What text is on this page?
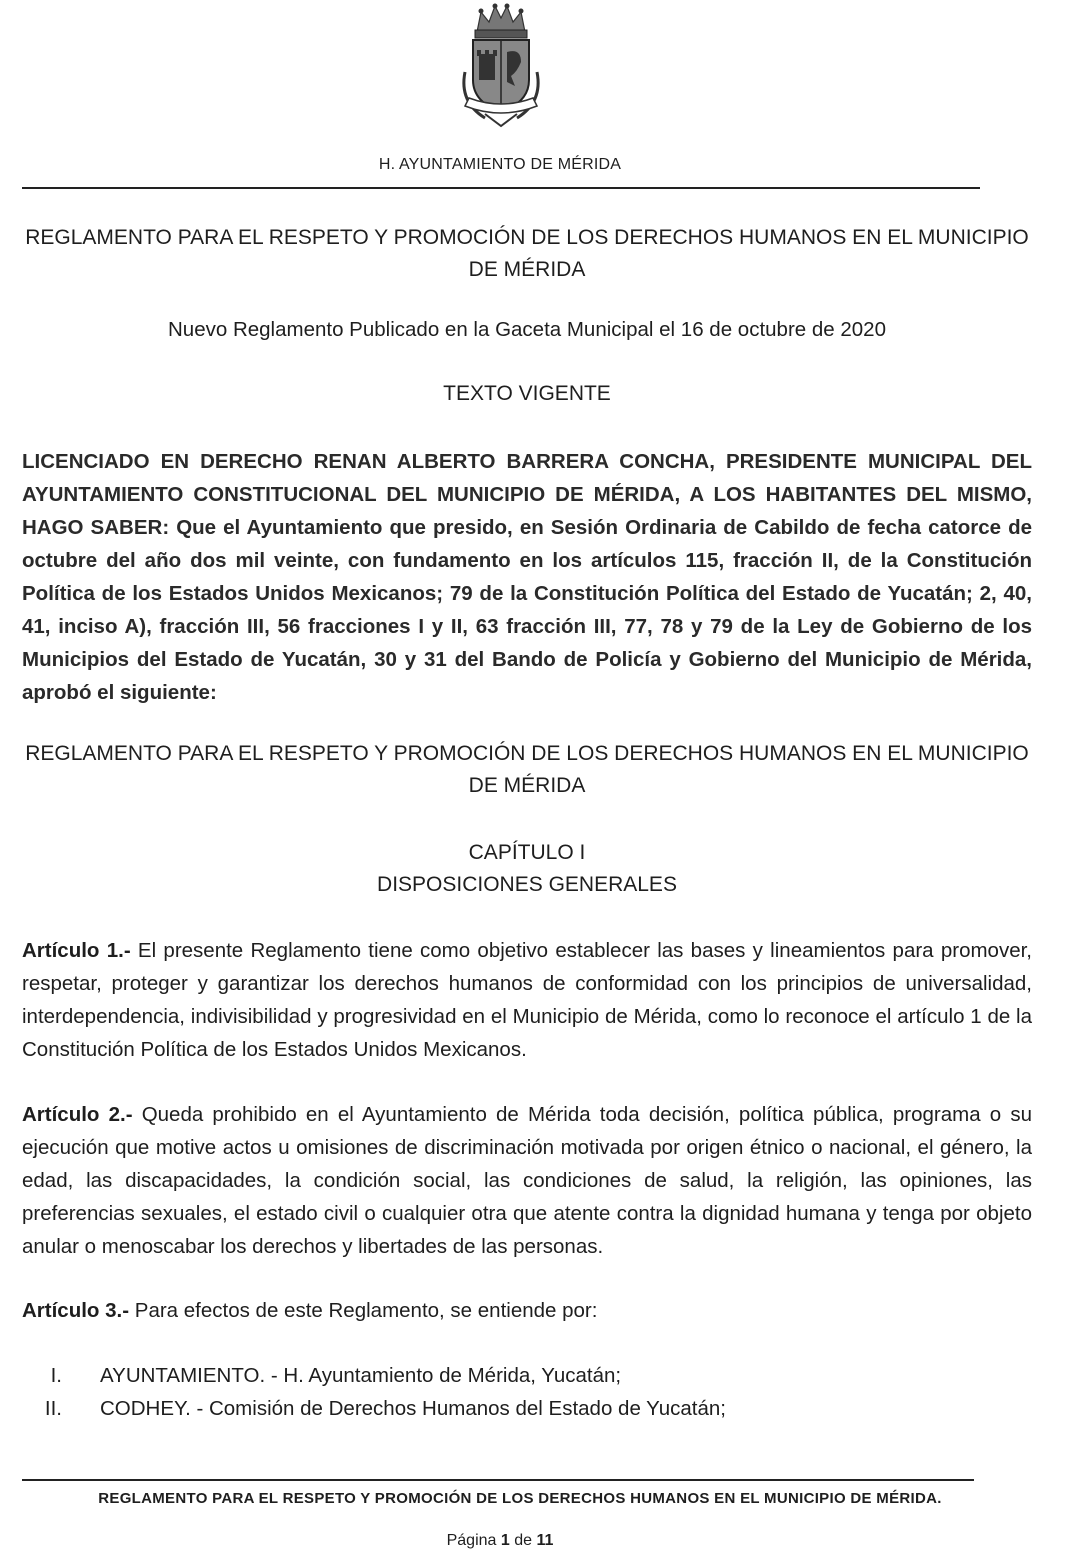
H. AYUNTAMIENTO DE MÉRIDA
REGLAMENTO PARA EL RESPETO Y PROMOCIÓN DE LOS DERECHOS HUMANOS EN EL MUNICIPIO
DE MÉRIDA
Nuevo Reglamento Publicado en la Gaceta Municipal el 16 de octubre de 2020
TEXTO VIGENTE
LICENCIADO EN DERECHO RENAN ALBERTO BARRERA CONCHA, PRESIDENTE MUNICIPAL DEL AYUNTAMIENTO CONSTITUCIONAL DEL MUNICIPIO DE MÉRIDA, A LOS HABITANTES DEL MISMO, HAGO SABER: Que el Ayuntamiento que presido, en Sesión Ordinaria de Cabildo de fecha catorce de octubre del año dos mil veinte, con fundamento en los artículos 115, fracción II, de la Constitución Política de los Estados Unidos Mexicanos; 79 de la Constitución Política del Estado de Yucatán; 2, 40, 41, inciso A), fracción III, 56 fracciones I y II, 63 fracción III, 77, 78 y 79 de la Ley de Gobierno de los Municipios del Estado de Yucatán, 30 y 31 del Bando de Policía y Gobierno del Municipio de Mérida, aprobó el siguiente:
REGLAMENTO PARA EL RESPETO Y PROMOCIÓN DE LOS DERECHOS HUMANOS EN EL MUNICIPIO
DE MÉRIDA
CAPÍTULO I
DISPOSICIONES GENERALES
Artículo 1.- El presente Reglamento tiene como objetivo establecer las bases y lineamientos para promover, respetar, proteger y garantizar los derechos humanos de conformidad con los principios de universalidad, interdependencia, indivisibilidad y progresividad en el Municipio de Mérida, como lo reconoce el artículo 1 de la Constitución Política de los Estados Unidos Mexicanos.
Artículo 2.- Queda prohibido en el Ayuntamiento de Mérida toda decisión, política pública, programa o su ejecución que motive actos u omisiones de discriminación motivada por origen étnico o nacional, el género, la edad, las discapacidades, la condición social, las condiciones de salud, la religión, las opiniones, las preferencias sexuales, el estado civil o cualquier otra que atente contra la dignidad humana y tenga por objeto anular o menoscabar los derechos y libertades de las personas.
Artículo 3.- Para efectos de este Reglamento, se entiende por:
I. AYUNTAMIENTO. - H. Ayuntamiento de Mérida, Yucatán;
II. CODHEY. - Comisión de Derechos Humanos del Estado de Yucatán;
REGLAMENTO PARA EL RESPETO Y PROMOCIÓN DE LOS DERECHOS HUMANOS EN EL MUNICIPIO DE MÉRIDA.
Página 1 de 11
